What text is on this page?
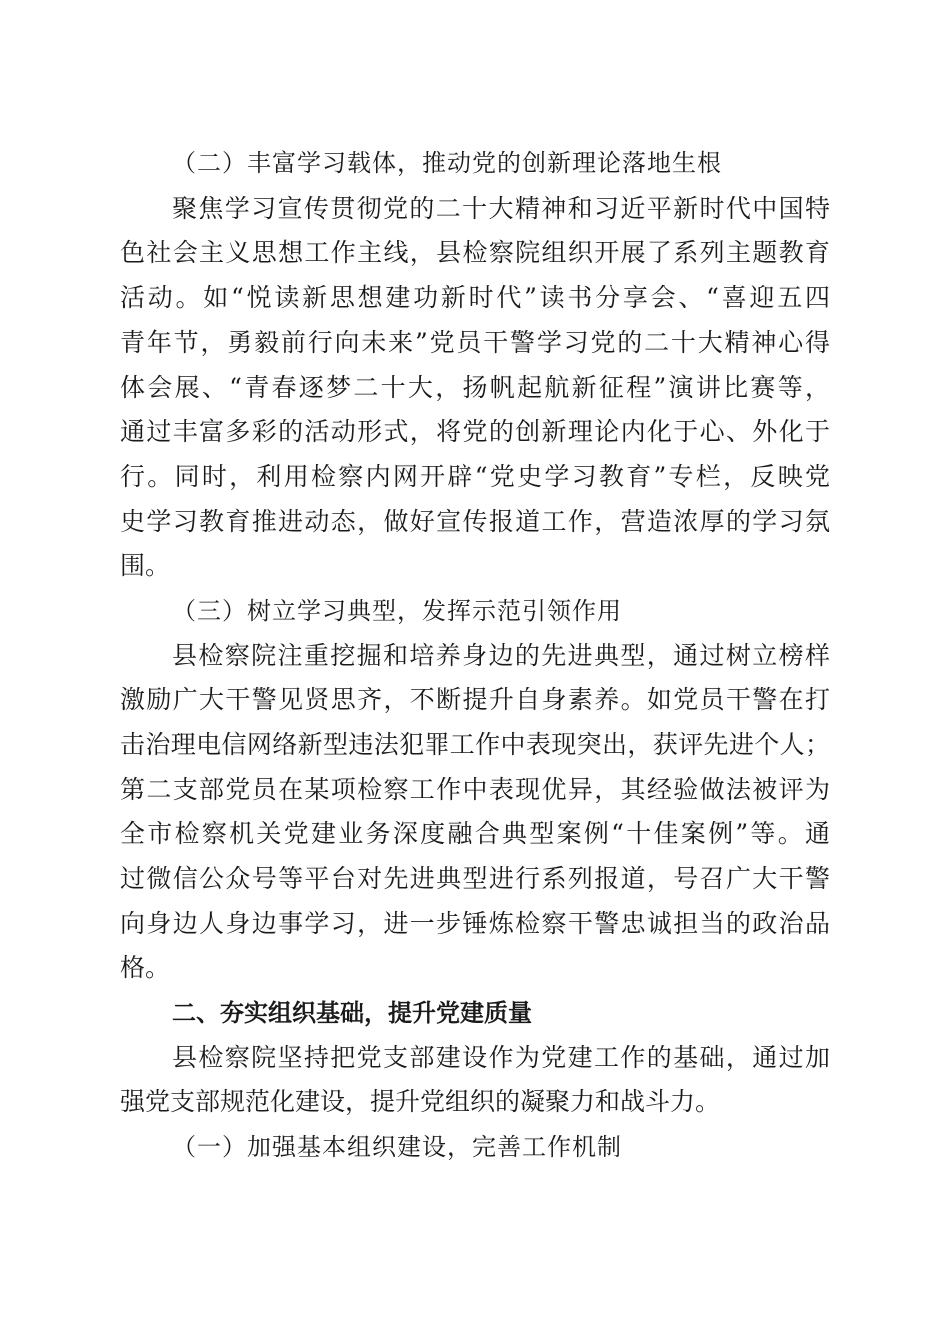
（二）丰富学习载体，推动党的创新理论落地生根
聚焦学习宣传贯彻党的二十大精神和习近平新时代中国特
色社会主义思想工作主线，县检察院组织开展了系列主题教育
活动。如“悦读新思想建功新时代”读书分享会、“喜迎五四
青年节，勇毅前行向未来”党员干警学习党的二十大精神心得
体会展、“青春逐梦二十大，扬帆起航新征程”演讲比赛等，
通过丰富多彩的活动形式，将党的创新理论内化于心、外化于
行。同时，利用检察内网开辟“党史学习教育”专栏，反映党
史学习教育推进动态，做好宣传报道工作，营造浓厚的学习氛
围。
（三）树立学习典型，发挥示范引领作用
县检察院注重挖掘和培养身边的先进典型，通过树立榜样
激励广大干警见贤思齐，不断提升自身素养。如党员干警在打
击治理电信网络新型违法犯罪工作中表现突出，获评先进个人；
第二支部党员在某项检察工作中表现优异，其经验做法被评为
全市检察机关党建业务深度融合典型案例“十佳案例”等。通
过微信公众号等平台对先进典型进行系列报道，号召广大干警
向身边人身边事学习，进一步锤炼检察干警忠诚担当的政治品
格。
二、夯实组织基础，提升党建质量
县检察院坚持把党支部建设作为党建工作的基础，通过加
强党支部规范化建设，提升党组织的凝聚力和战斗力。
（一）加强基本组织建设，完善工作机制
